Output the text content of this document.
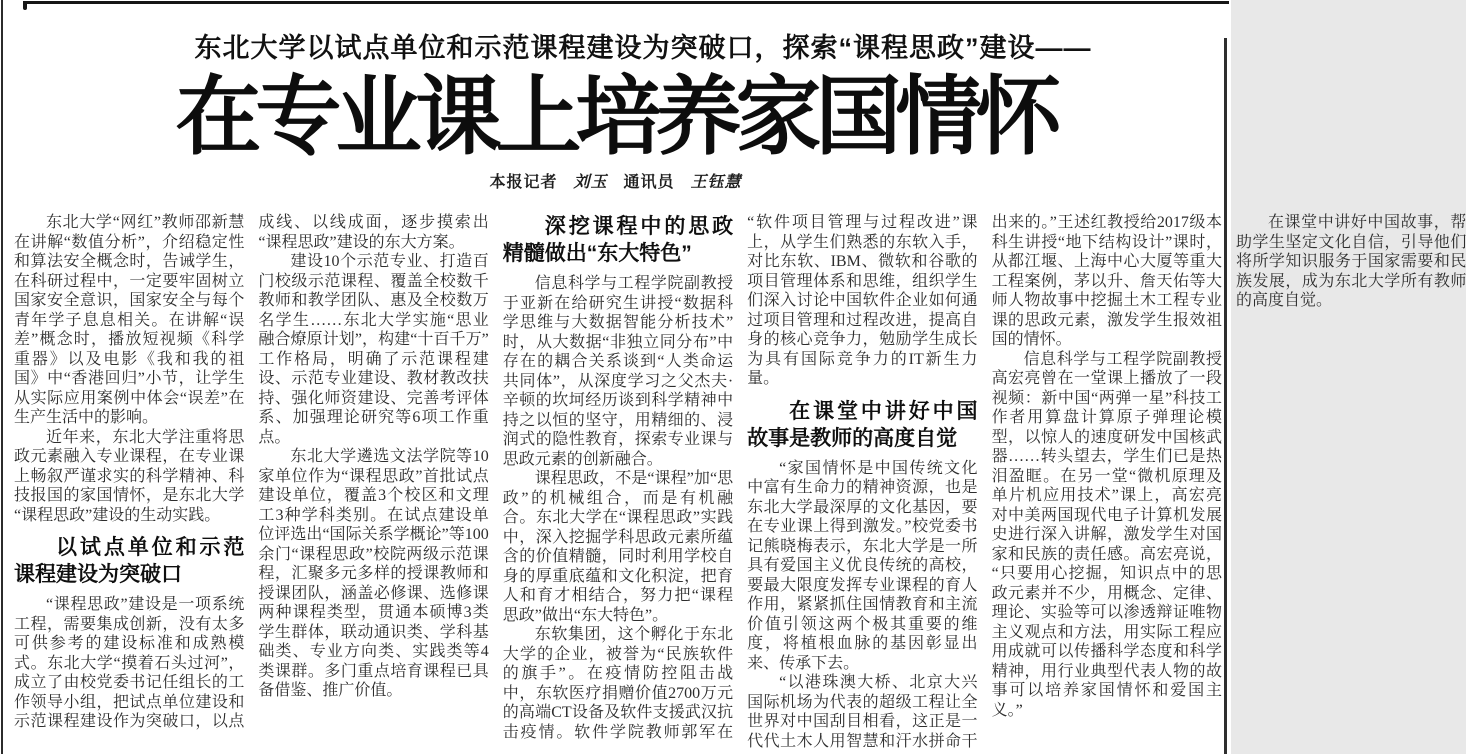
东北大学以试点单位和示范课程建设为突破口，探索“课程思政”建设——
在专业课上培养家国情怀
本报记者 刘玉 通讯员 王钰慧

东北大学“网红”教师邵新慧在讲解“数值分析”，介绍稳定性和算法安全概念时，告诫学生，在科研过程中，一定要牢固树立国家安全意识，国家安全与每个青年学子息息相关。在讲解“误差”概念时，播放短视频《科学重器》以及电影《我和我的祖国》中“香港回归”小节，让学生从实际应用案例中体会“误差”在生产生活中的影响。

近年来，东北大学注重将思政元素融入专业课程，在专业课上畅叙严谨求实的科学精神、科技报国的家国情怀，是东北大学“课程思政”建设的生动实践。

以试点单位和示范课程建设为突破口

“课程思政”建设是一项系统工程，需要集成创新，没有太多可供参考的建设标准和成熟模式。东北大学“摸着石头过河”，成立了由校党委书记任组长的工作领导小组，把试点单位建设和示范课程建设作为突破口，以点成线、以线成面，逐步摸索出“课程思政”建设的东大方案。

建设10个示范专业、打造百门校级示范课程、覆盖全校数千教师和教学团队、惠及全校数万名学生……东北大学实施“思业融合燎原计划”，构建“十百千万”工作格局，明确了示范课程建设、示范专业建设、教材教改扶持、强化师资建设、完善考评体系、加强理论研究等6项工作重点。

东北大学遴选文法学院等10家单位作为“课程思政”首批试点建设单位，覆盖3个校区和文理工3种学科类别。在试点建设单位评选出“国际关系学概论”等100余门“课程思政”校院两级示范课程，汇聚多元多样的授课教师和授课团队，涵盖必修课、选修课两种课程类型，贯通本硕博3类学生群体，联动通识类、学科基础类、专业方向类、实践类等4类课群。多门重点培育课程已具备借鉴、推广价值。

深挖课程中的思政精髓做出“东大特色”

信息科学与工程学院副教授于亚新在给研究生讲授“数据科学思维与大数据智能分析技术”时，从大数据“非独立同分布”中存在的耦合关系谈到“人类命运共同体”，从深度学习之父杰夫·辛顿的坎坷经历谈到科学精神中持之以恒的坚守，用精细的、浸润式的隐性教育，探索专业课与思政元素的创新融合。

课程思政，不是“课程”加“思政”的机械组合，而是有机融合。东北大学在“课程思政”实践中，深入挖掘学科思政元素所蕴含的价值精髓，同时利用学校自身的厚重底蕴和文化积淀，把育人和育才相结合，努力把“课程思政”做出“东大特色”。

东软集团，这个孵化于东北大学的企业，被誉为“民族软件的旗手”。在疫情防控阻击战中，东软医疗捐赠价值2700万元的高端CT设备及软件支援武汉抗击疫情。软件学院教师郭军在“软件项目管理与过程改进”课上，从学生们熟悉的东软入手，对比东软、IBM、微软和谷歌的项目管理体系和思维，组织学生们深入讨论中国软件企业如何通过项目管理和过程改进，提高自身的核心竞争力，勉励学生成长为具有国际竞争力的IT新生力量。

在课堂中讲好中国故事是教师的高度自觉

“家国情怀是中国传统文化中富有生命力的精神资源，也是东北大学最深厚的文化基因，要在专业课上得到激发。”校党委书记熊晓梅表示，东北大学是一所具有爱国主义优良传统的高校，要最大限度发挥专业课程的育人作用，紧紧抓住国情教育和主流价值引领这两个极其重要的维度，将植根血脉的基因彰显出来、传承下去。

“以港珠澳大桥、北京大兴国际机场为代表的超级工程让全世界对中国刮目相看，这正是一代代土木人用智慧和汗水拼命干出来的。”王述红教授给2017级本科生讲授“地下结构设计”课时，从都江堰、上海中心大厦等重大工程案例，茅以升、詹天佑等大师人物故事中挖掘土木工程专业课的思政元素，激发学生报效祖国的情怀。

信息科学与工程学院副教授高宏亮曾在一堂课上播放了一段视频：新中国“两弹一星”科技工作者用算盘计算原子弹理论模型，以惊人的速度研发中国核武器……转头望去，学生们已是热泪盈眶。在另一堂“微机原理及单片机应用技术”课上，高宏亮对中美两国现代电子计算机发展史进行深入讲解，激发学生对国家和民族的责任感。高宏亮说，“只要用心挖掘，知识点中的思政元素并不少，用概念、定律、理论、实验等可以渗透辩证唯物主义观点和方法，用实际工程应用成就可以传播科学态度和科学精神，用行业典型代表人物的故事可以培养家国情怀和爱国主义。”

在课堂中讲好中国故事，帮助学生坚定文化自信，引导他们将所学知识服务于国家需要和民族发展，成为东北大学所有教师的高度自觉。
